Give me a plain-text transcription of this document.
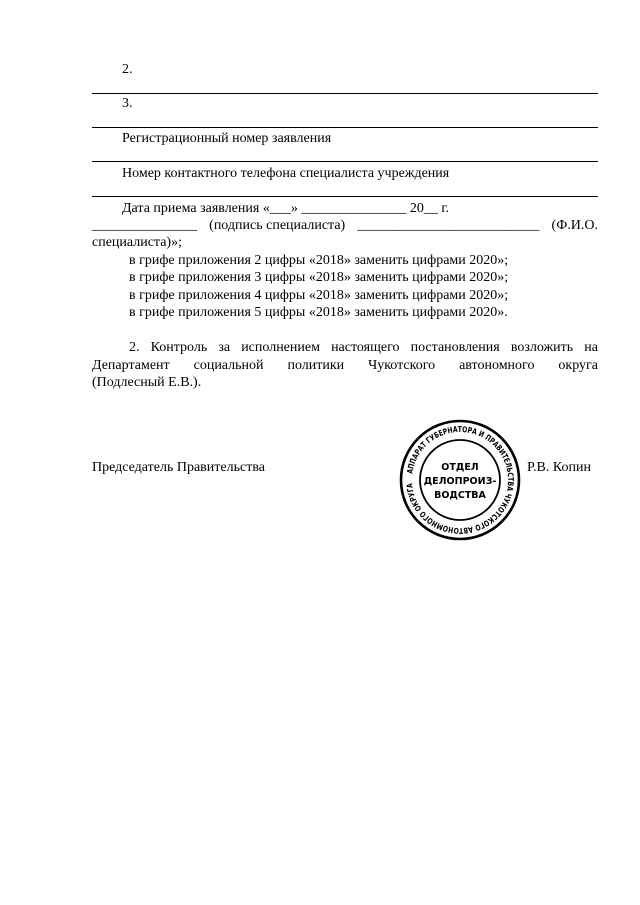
2.
3.
Регистрационный номер заявления
Номер контактного телефона специалиста учреждения
Дата приема заявления «___» _______________ 20__ г.
_______________ (подпись специалиста) __________________________ (Ф.И.О.
специалиста)»;
в грифе приложения 2 цифры «2018» заменить цифрами 2020»;
в грифе приложения 3 цифры «2018» заменить цифрами 2020»;
в грифе приложения 4 цифры «2018» заменить цифрами 2020»;
в грифе приложения 5 цифры «2018» заменить цифрами 2020».
2. Контроль за исполнением настоящего постановления возложить на
Департамент социальной политики Чукотского автономного округа
(Подлесный Е.В.).
Председатель Правительства	Р.В. Копин
АППАРАТ ГУБЕРНАТОРА И ПРАВИТЕЛЬСТВА ЧУКОТСКОГО АВТОНОМНОГО ОКРУГА
ОТДЕЛ
ДЕЛОПРОИЗ-
ВОДСТВА
